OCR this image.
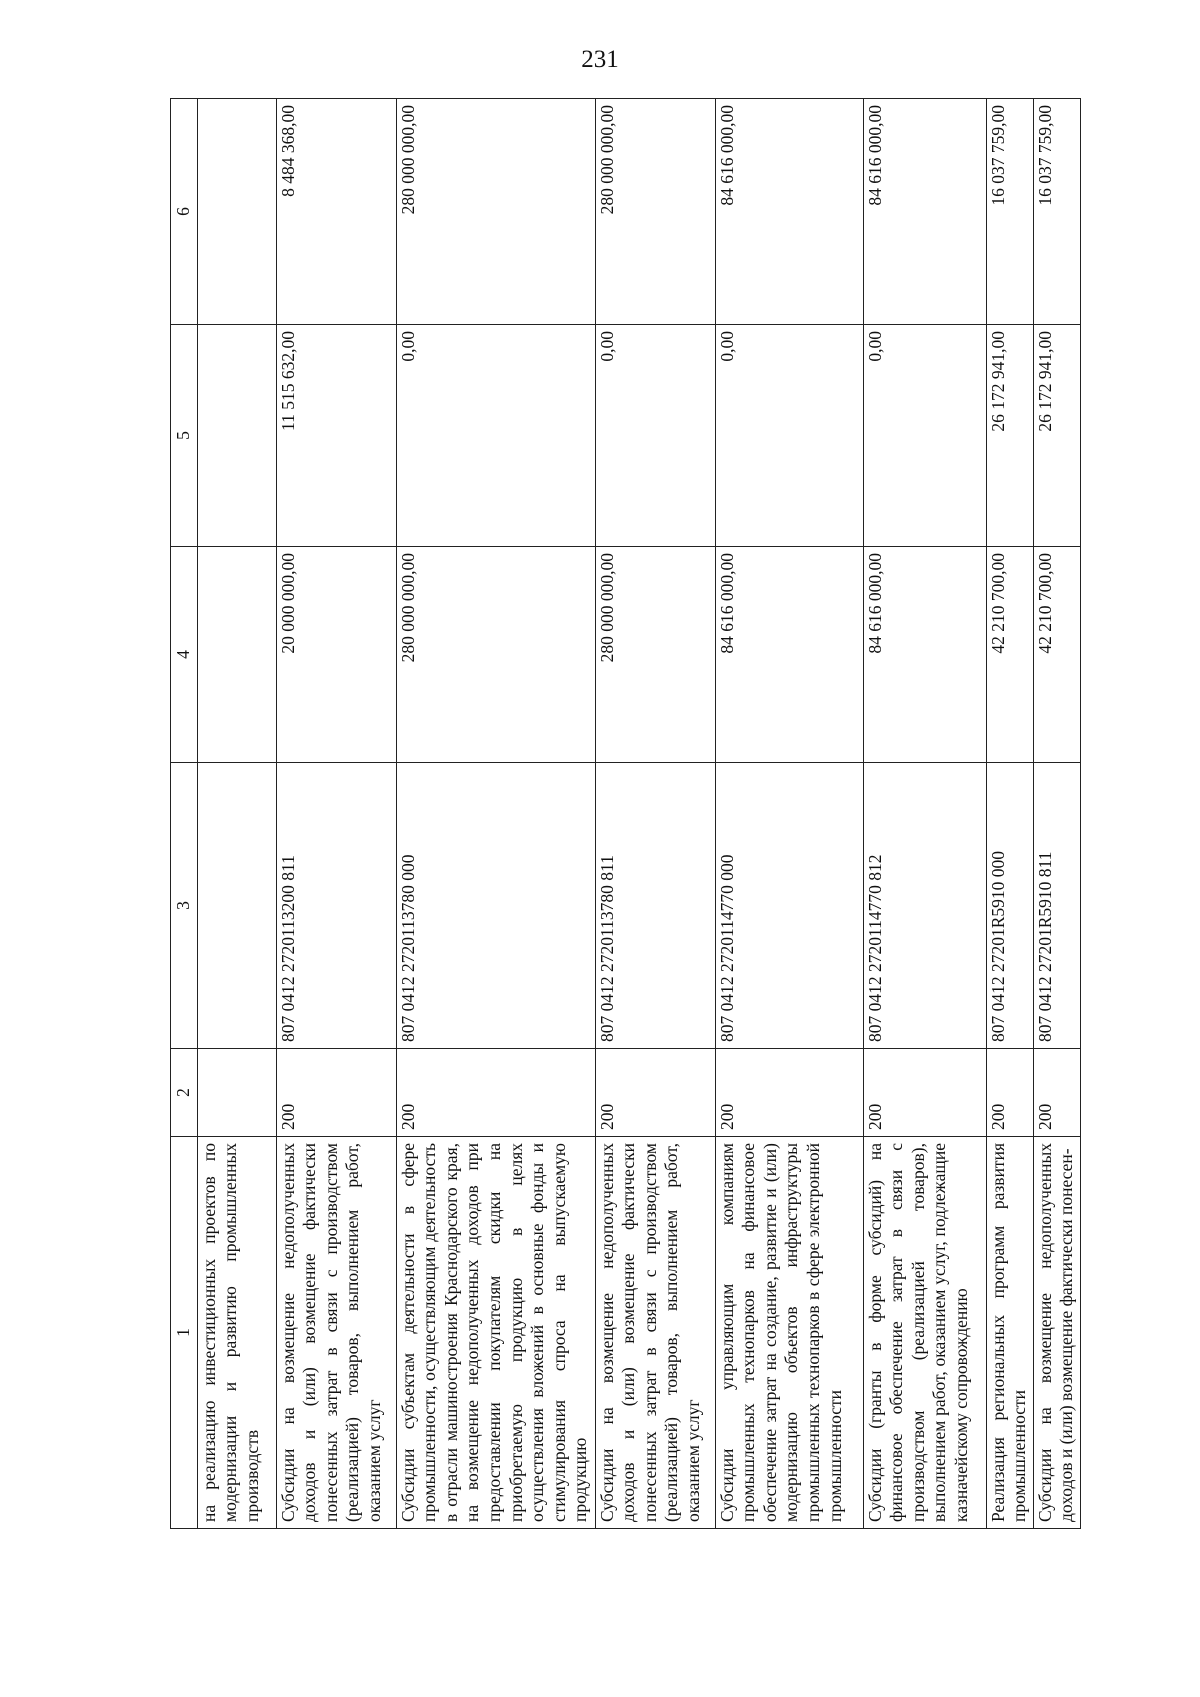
231
1	2	3	4	5	6
на реализацию инвестиционных проектов по модернизации и развитию промышленных производств					
Субсидии на возмещение недополученных доходов и (или) возмещение фактически понесенных затрат в связи с производством (реализацией) товаров, выполнением работ, оказанием услуг	200	807 0412 2720113200 811	20 000 000,00	11 515 632,00	8 484 368,00
Субсидии субъектам деятельности в сфере промышленности, осуществляющим деятельность в отрасли машиностроения Краснодарского края, на возмещение недополученных доходов при предоставлении покупателям скидки на приобретаемую продукцию в целях осуществления вложений в основные фонды и стимулирования спроса на выпускаемую продукцию	200	807 0412 2720113780 000	280 000 000,00	0,00	280 000 000,00
Субсидии на возмещение недополученных доходов и (или) возмещение фактически понесенных затрат в связи с производством (реализацией) товаров, выполнением работ, оказанием услуг	200	807 0412 2720113780 811	280 000 000,00	0,00	280 000 000,00
Субсидии управляющим компаниям промышленных технопарков на финансовое обеспечение затрат на создание, развитие и (или) модернизацию объектов инфраструктуры промышленных технопарков в сфере электронной промышленности	200	807 0412 2720114770 000	84 616 000,00	0,00	84 616 000,00
Субсидии (гранты в форме субсидий) на финансовое обеспечение затрат в связи с производством (реализацией товаров), выполнением работ, оказанием услуг, подлежащие казначейскому сопровождению	200	807 0412 2720114770 812	84 616 000,00	0,00	84 616 000,00
Реализация региональных программ развития промышленности	200	807 0412 27201R5910 000	42 210 700,00	26 172 941,00	16 037 759,00
Субсидии на возмещение недополученных доходов и (или) возмещение фактически понесен-	200	807 0412 27201R5910 811	42 210 700,00	26 172 941,00	16 037 759,00
